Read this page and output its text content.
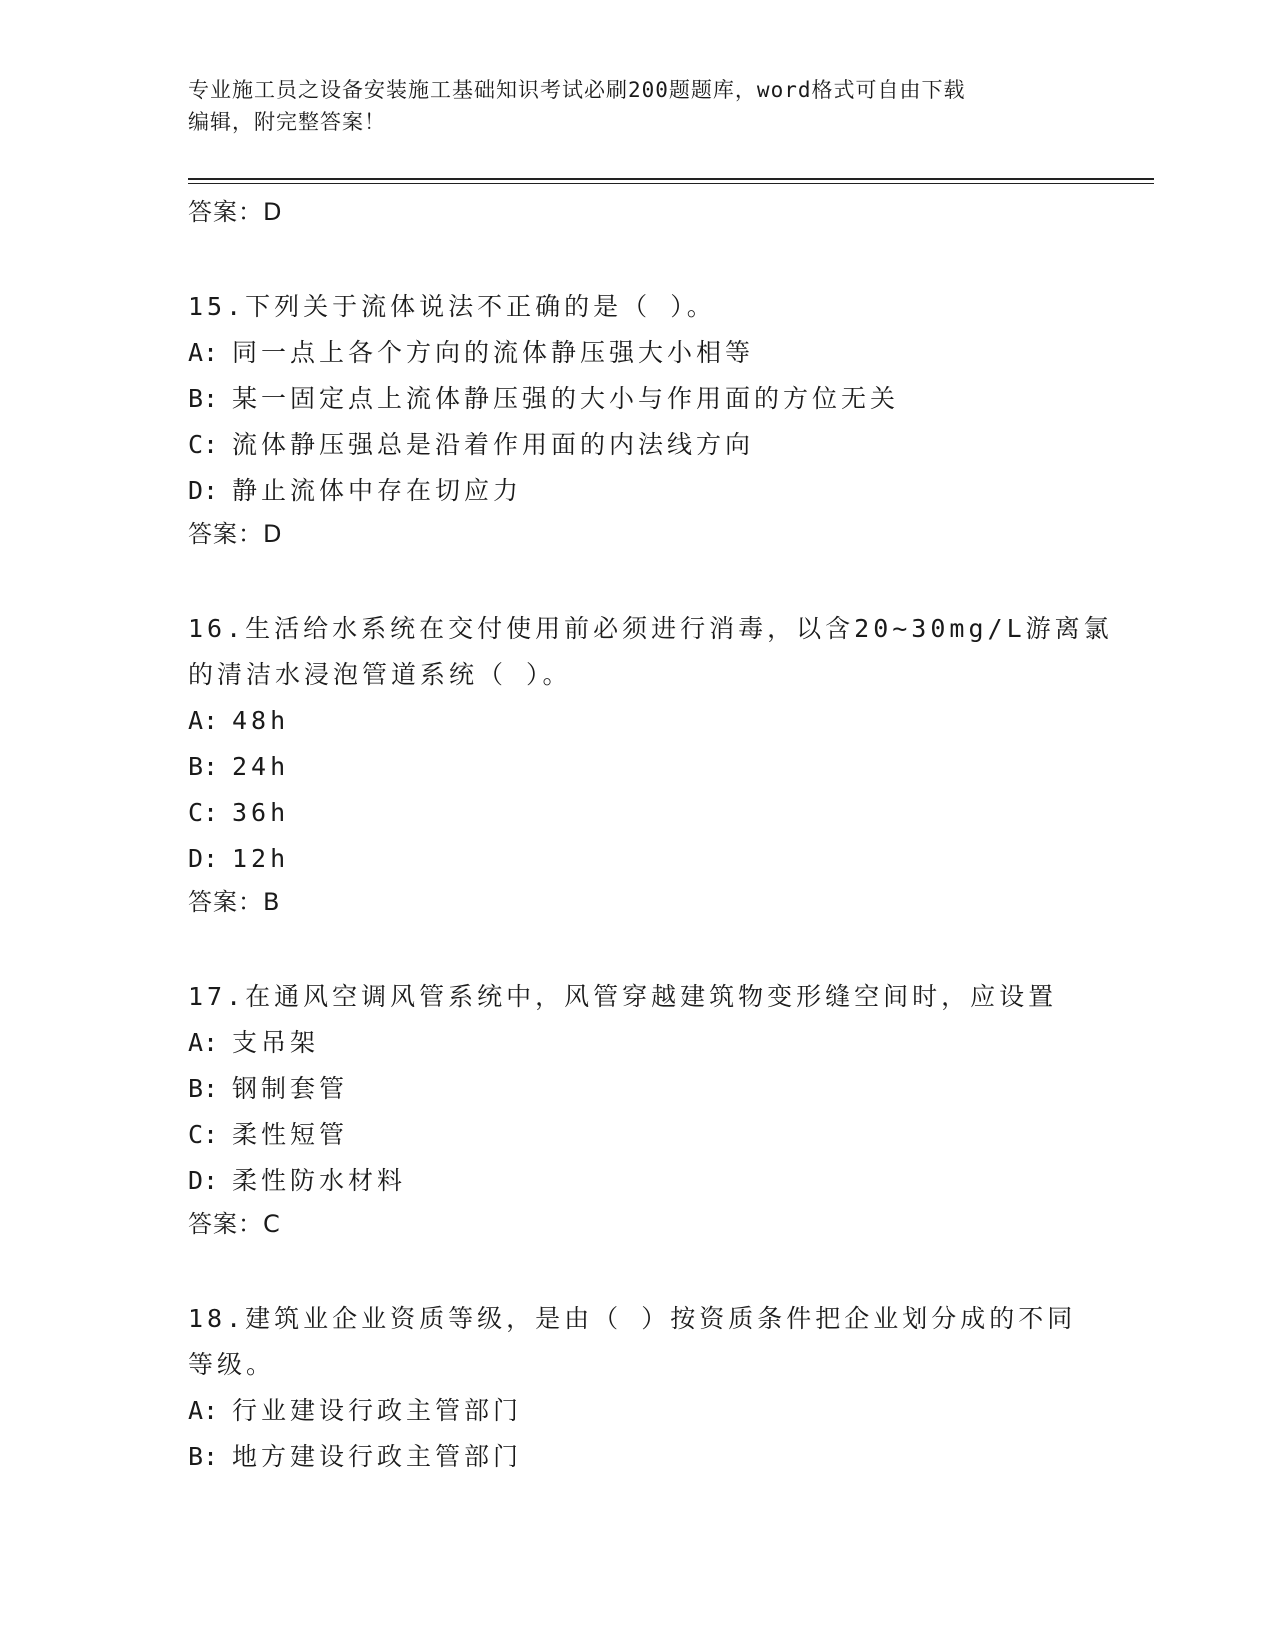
专业施工员之设备安装施工基础知识考试必刷200题题库，word格式可自由下载
编辑，附完整答案！
答案：D
15.下列关于流体说法不正确的是（ ）。
A: 同一点上各个方向的流体静压强大小相等
B: 某一固定点上流体静压强的大小与作用面的方位无关
C: 流体静压强总是沿着作用面的内法线方向
D: 静止流体中存在切应力
答案：D
16.生活给水系统在交付使用前必须进行消毒，以含20~30mg/L游离氯
的清洁水浸泡管道系统（ ）。
A: 48h
B: 24h
C: 36h
D: 12h
答案：B
17.在通风空调风管系统中，风管穿越建筑物变形缝空间时，应设置
A: 支吊架
B: 钢制套管
C: 柔性短管
D: 柔性防水材料
答案：C
18.建筑业企业资质等级，是由（ ）按资质条件把企业划分成的不同
等级。
A: 行业建设行政主管部门
B: 地方建设行政主管部门
